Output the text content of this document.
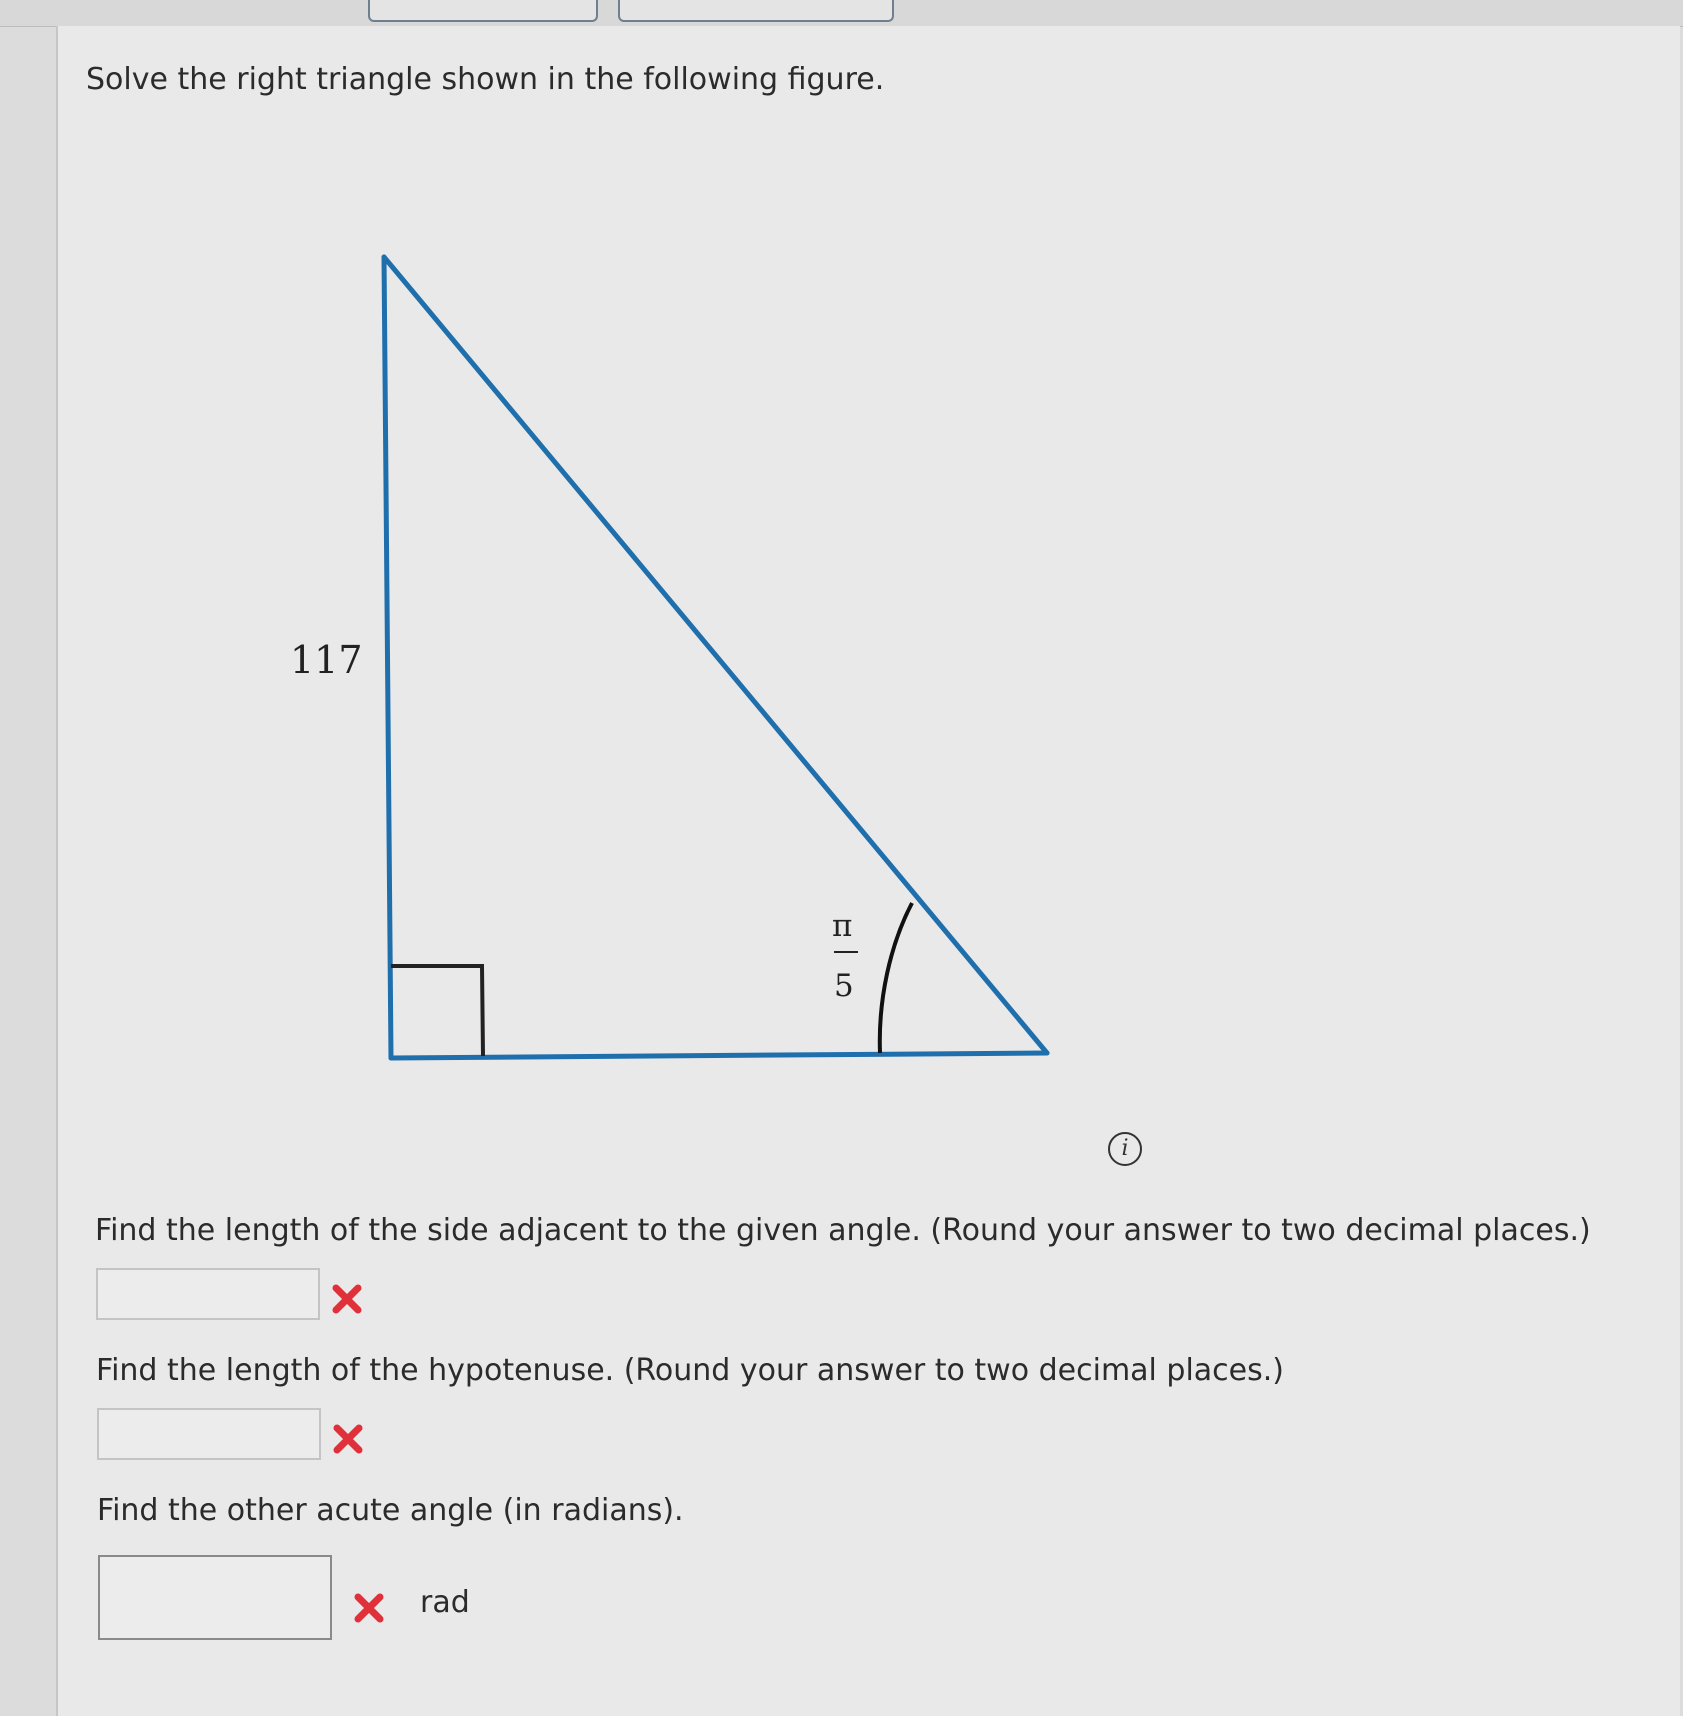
Solve the right triangle shown in the following figure.
117
π
5
i
Find the length of the side adjacent to the given angle. (Round your answer to two decimal places.)
Find the length of the hypotenuse. (Round your answer to two decimal places.)
Find the other acute angle (in radians).
rad
